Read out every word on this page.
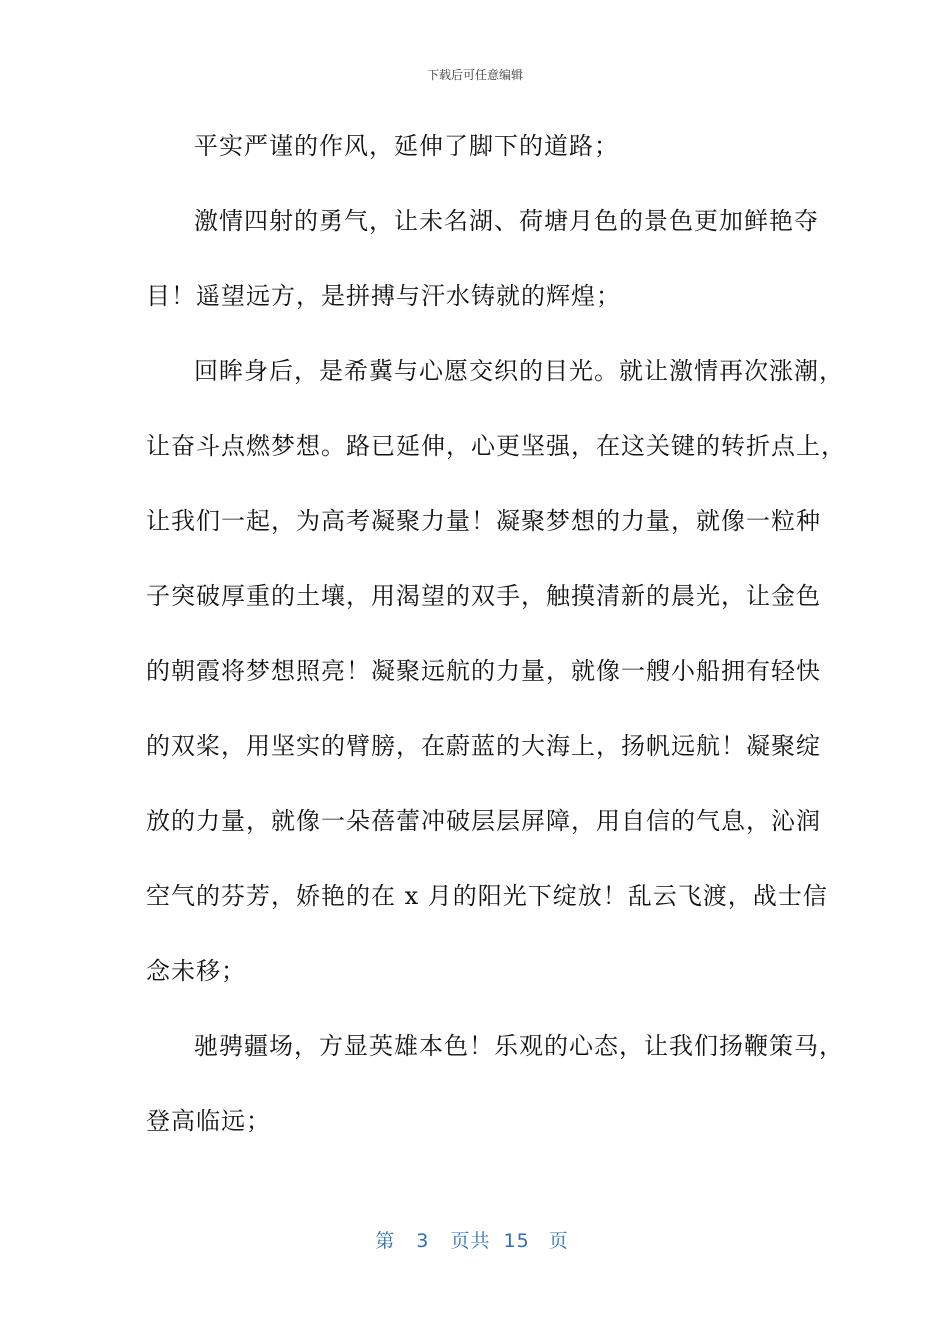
下载后可任意编辑
平实严谨的作风，延伸了脚下的道路；
激情四射的勇气，让未名湖、荷塘月色的景色更加鲜艳夺
目！遥望远方，是拼搏与汗水铸就的辉煌；
回眸身后，是希冀与心愿交织的目光。就让激情再次涨潮，
让奋斗点燃梦想。路已延伸，心更坚强，在这关键的转折点上，
让我们一起，为高考凝聚力量！凝聚梦想的力量，就像一粒种
子突破厚重的土壤，用渴望的双手，触摸清新的晨光，让金色
的朝霞将梦想照亮！凝聚远航的力量，就像一艘小船拥有轻快
的双桨，用坚实的臂膀，在蔚蓝的大海上，扬帆远航！凝聚绽
放的力量，就像一朵蓓蕾冲破层层屏障，用自信的气息，沁润
空气的芬芳，娇艳的在 x 月的阳光下绽放！乱云飞渡，战士信
念未移；
驰骋疆场，方显英雄本色！乐观的心态，让我们扬鞭策马，
登高临远；
第 3 页共 15 页
